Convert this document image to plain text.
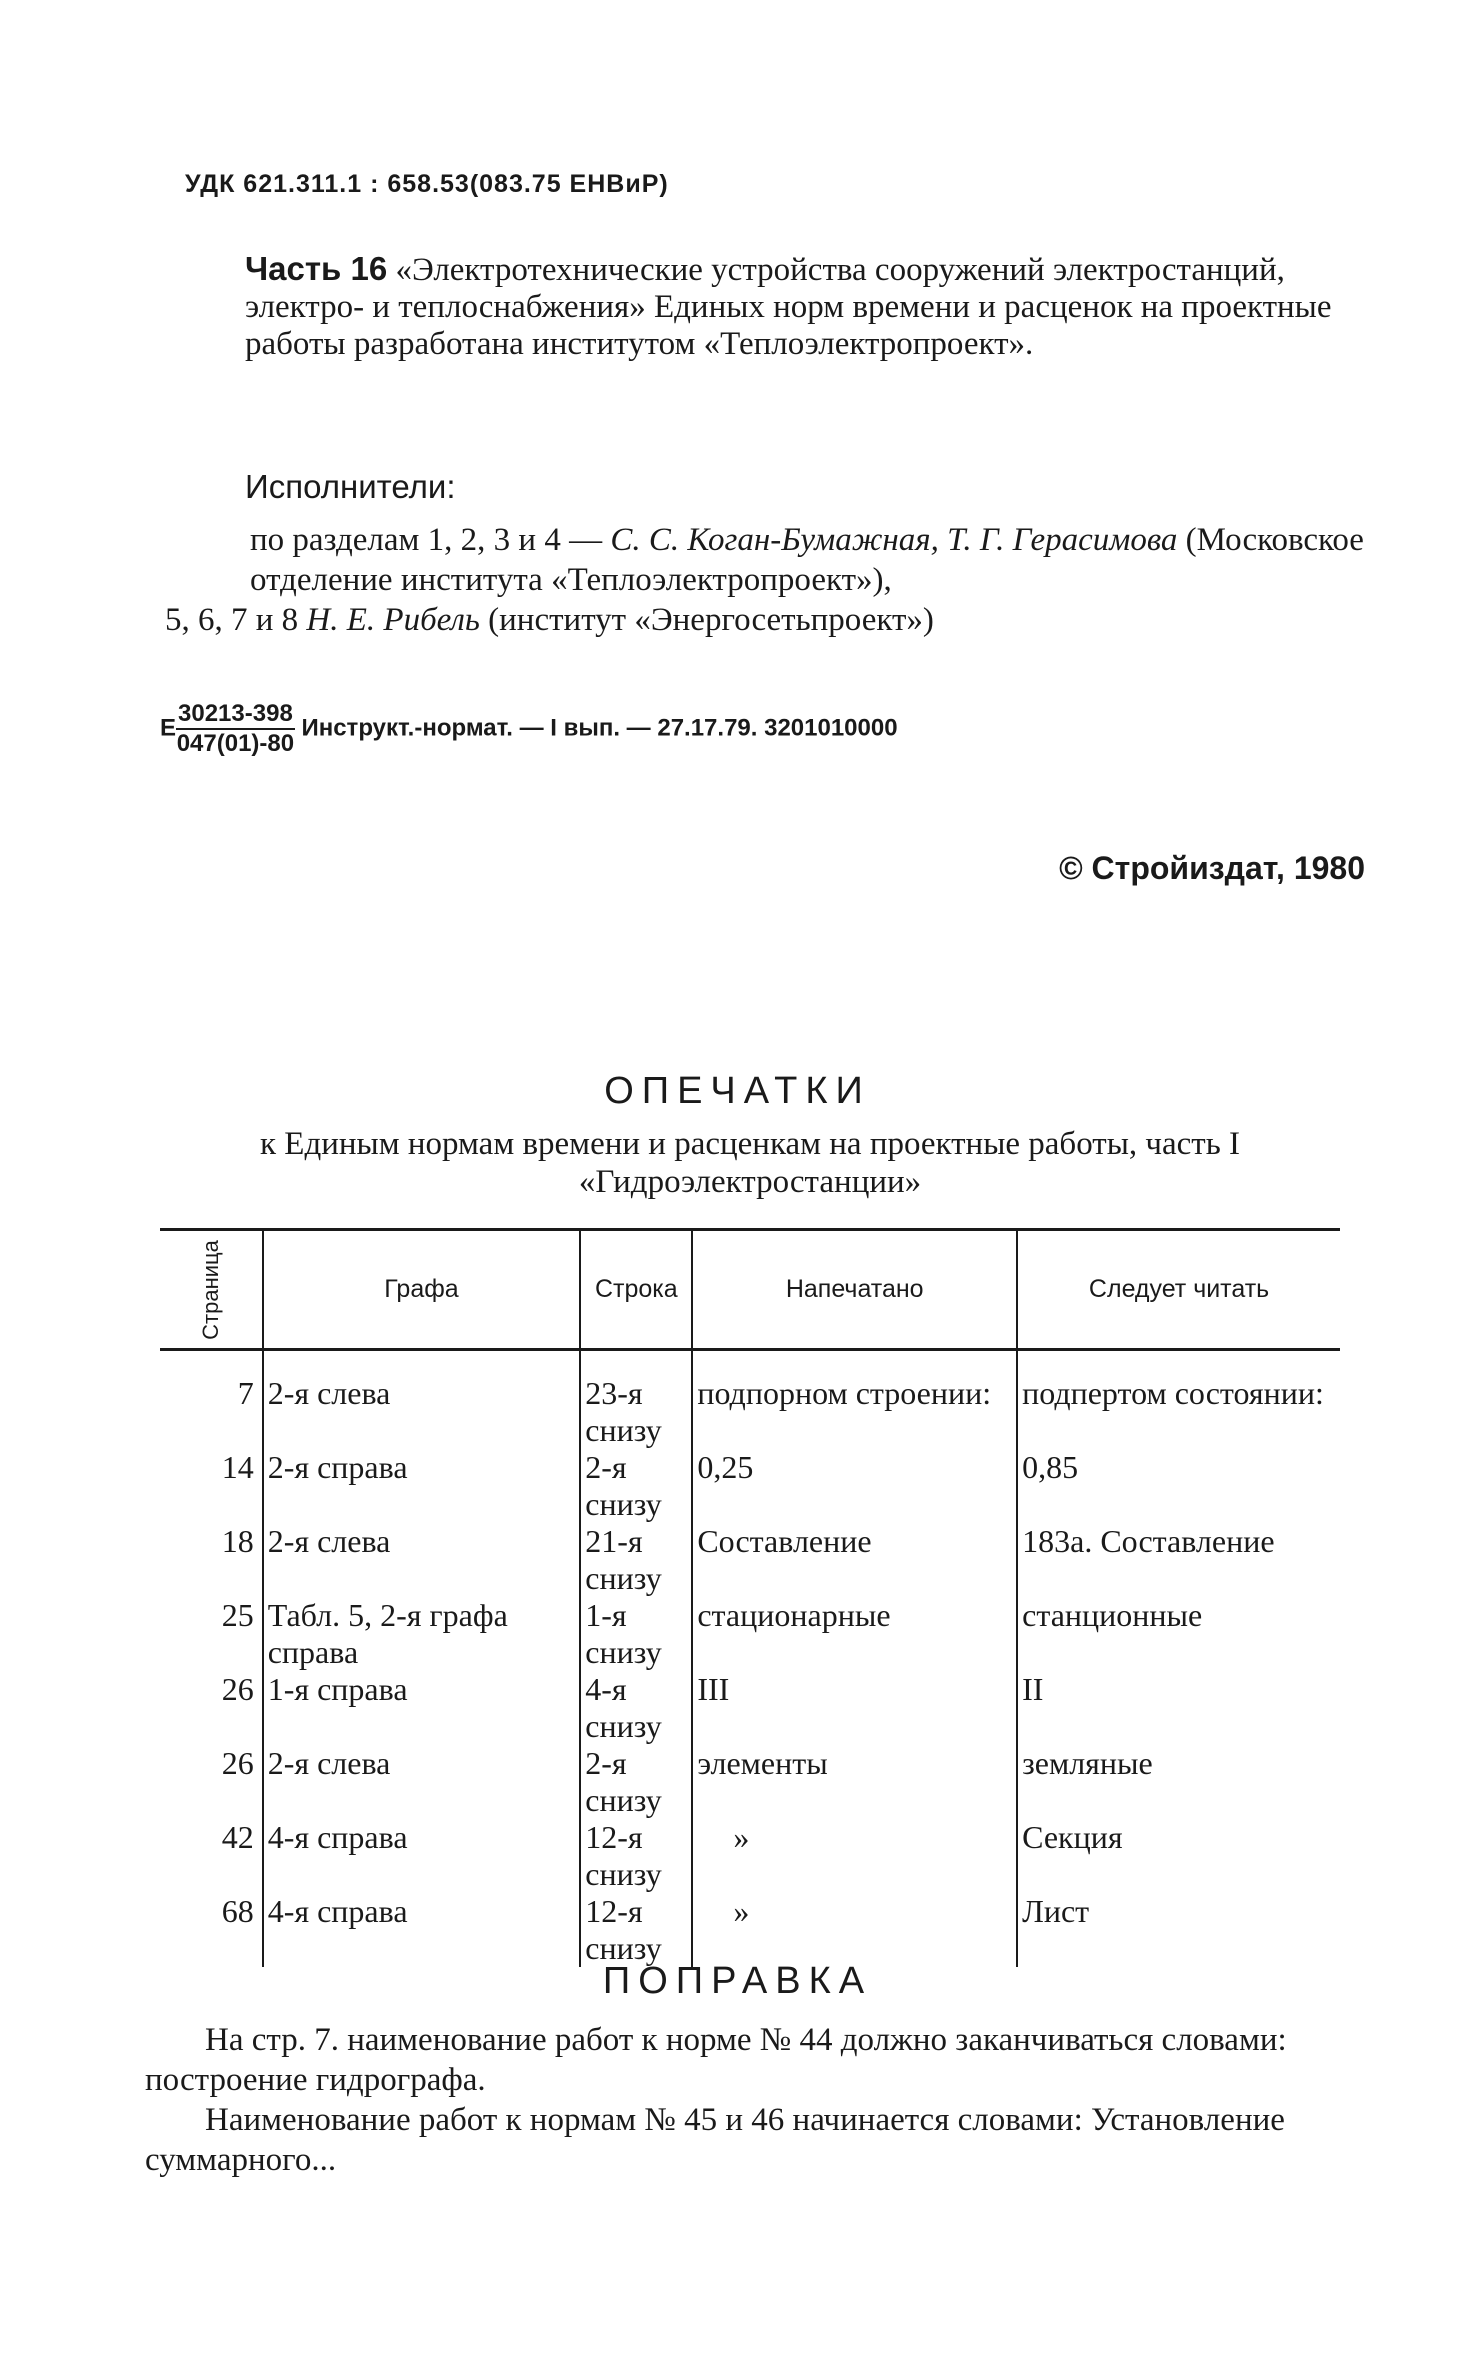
УДК 621.311.1 : 658.53(083.75 ЕНВиР)
Часть 16 «Электротехнические устройства сооружений электростанций, электро- и теплоснабжения» Единых норм времени и расценок на проектные работы разработана институтом «Теплоэлектропроект».
Исполнители:
по разделам 1, 2, 3 и 4 — С. С. Коган-Бумажная, Т. Г. Герасимова (Московское отделение института «Теплоэлектропроект»),
5, 6, 7 и 8 Н. Е. Рибель (институт «Энергосетьпроект»)
Е $\frac{30213-398}{047(01)-80}$ Инструкт.-нормат. — I вып. — 27.17.79. 3201010000
© Стройиздат, 1980
ОПЕЧАТКИ
к Единым нормам времени и расценкам на проектные работы, часть I
«Гидроэлектростанции»
Страница	Графа	Строка	Напечатано	Следует читать
7	2-я слева	23-я снизу	подпорном строении:	подпертом состоянии:
14	2-я справа	2-я снизу	0,25	0,85
18	2-я слева	21-я снизу	Составление	183а. Составление
25	Табл. 5, 2-я графа справа	1-я снизу	стационарные	станционные
26	1-я справа	4-я снизу	III	II
26	2-я слева	2-я снизу	элементы	земляные
42	4-я справа	12-я снизу	»	Секция
68	4-я справа	12-я снизу	»	Лист
ПОПРАВКА

На стр. 7. наименование работ к норме № 44 должно заканчиваться словами: построение гидрографа.

Наименование работ к нормам № 45 и 46 начинается словами: Установление суммарного...
